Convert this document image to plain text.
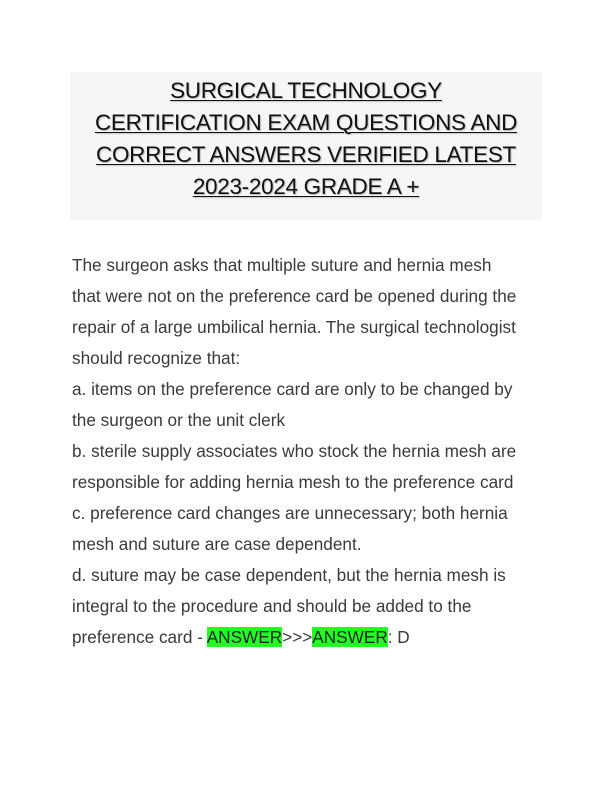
SURGICAL TECHNOLOGY
CERTIFICATION EXAM QUESTIONS AND
CORRECT ANSWERS VERIFIED LATEST
2023-2024 GRADE A +

The surgeon asks that multiple suture and hernia mesh

that were not on the preference card be opened during the

repair of a large umbilical hernia. The surgical technologist

should recognize that:

a. items on the preference card are only to be changed by

the surgeon or the unit clerk

b. sterile supply associates who stock the hernia mesh are

responsible for adding hernia mesh to the preference card

c. preference card changes are unnecessary; both hernia

mesh and suture are case dependent.

d. suture may be case dependent, but the hernia mesh is

integral to the procedure and should be added to the

preference card - ANSWER>>>ANSWER: D
